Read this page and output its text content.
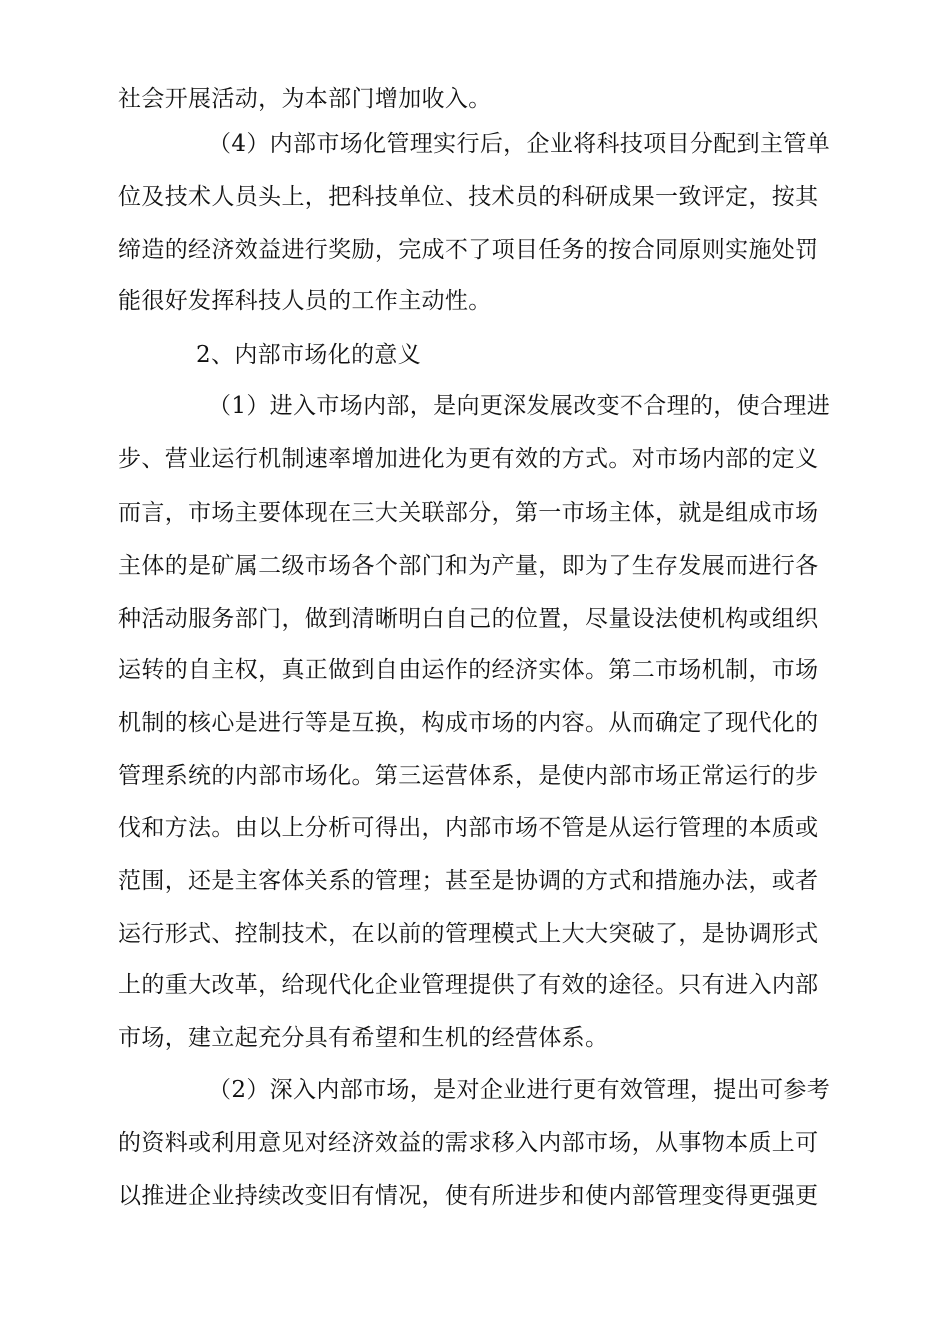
社会开展活动，为本部门增加收入。
（4）内部市场化管理实行后，企业将科技项目分配到主管单
位及技术人员头上，把科技单位、技术员的科研成果一致评定，按其
缔造的经济效益进行奖励，完成不了项目任务的按合同原则实施处罚
能很好发挥科技人员的工作主动性。
2、内部市场化的意义
（1）进入市场内部，是向更深发展改变不合理的，使合理进
步、营业运行机制速率增加进化为更有效的方式。对市场内部的定义
而言，市场主要体现在三大关联部分，第一市场主体，就是组成市场
主体的是矿属二级市场各个部门和为产量，即为了生存发展而进行各
种活动服务部门，做到清晰明白自己的位置，尽量设法使机构或组织
运转的自主权，真正做到自由运作的经济实体。第二市场机制，市场
机制的核心是进行等是互换，构成市场的内容。从而确定了现代化的
管理系统的内部市场化。第三运营体系，是使内部市场正常运行的步
伐和方法。由以上分析可得出，内部市场不管是从运行管理的本质或
范围，还是主客体关系的管理；甚至是协调的方式和措施办法，或者
运行形式、控制技术，在以前的管理模式上大大突破了，是协调形式
上的重大改革，给现代化企业管理提供了有效的途径。只有进入内部
市场，建立起充分具有希望和生机的经营体系。
（2）深入内部市场，是对企业进行更有效管理，提出可参考
的资料或利用意见对经济效益的需求移入内部市场，从事物本质上可
以推进企业持续改变旧有情况，使有所进步和使内部管理变得更强更
